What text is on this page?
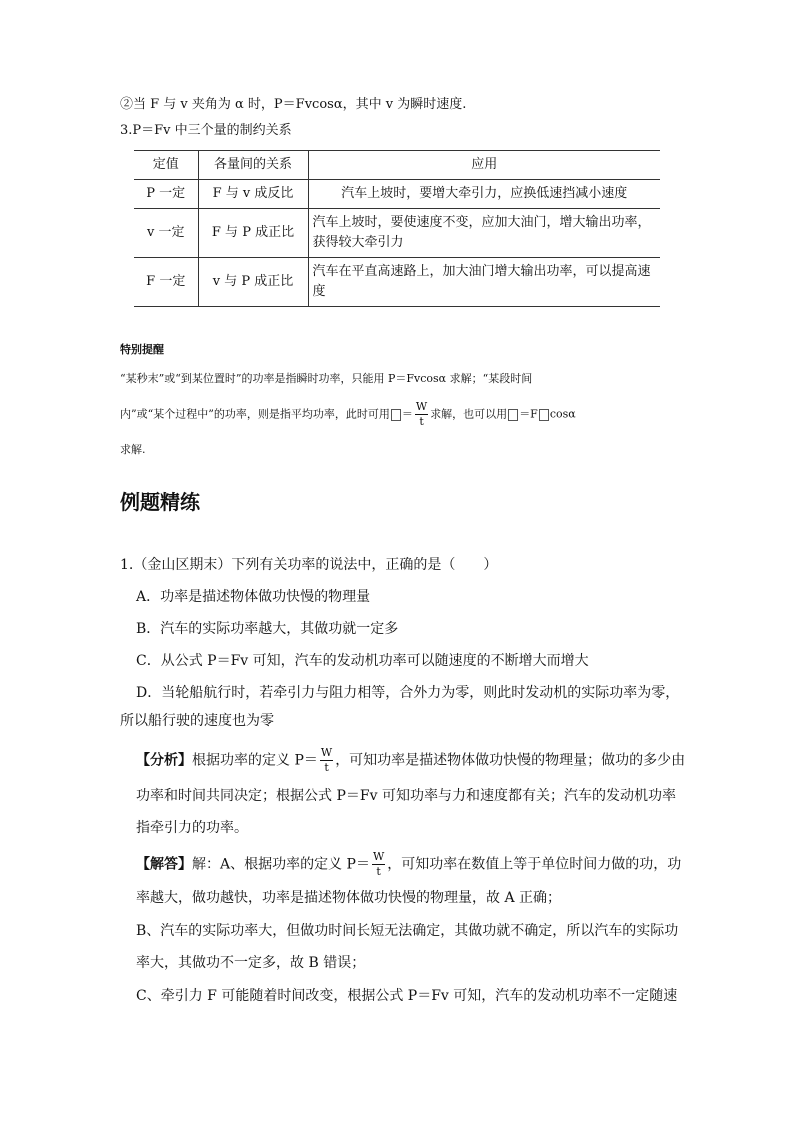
②当 F 与 v 夹角为 α 时，P＝Fvcosα，其中 v 为瞬时速度.
3.P＝Fv 中三个量的制约关系
定值	各量间的关系	应用
P 一定	F 与 v 成反比	汽车上坡时，要增大牵引力，应换低速挡减小速度
v 一定	F 与 P 成正比	汽车上坡时，要使速度不变，应加大油门，增大输出功率，获得较大牵引力
F 一定	v 与 P 成正比	汽车在平直高速路上，加大油门增大输出功率，可以提高速度
特别提醒
“某秒末”或“到某位置时”的功率是指瞬时功率，只能用 P＝Fvcosα 求解；“某段时间
内”或“某个过程中”的功率，则是指平均功率，此时可用 ＝ $\frac{W}{t}$ 求解，也可以用 ＝F cosα
求解.
例题精练
1.（金山区期末）下列有关功率的说法中，正确的是（　　）
A．功率是描述物体做功快慢的物理量
B．汽车的实际功率越大，其做功就一定多
C．从公式 P＝Fv 可知，汽车的发动机功率可以随速度的不断增大而增大
D．当轮船航行时，若牵引力与阻力相等，合外力为零，则此时发动机的实际功率为零，
所以船行驶的速度也为零
【分析】根据功率的定义 $P= \frac{W}{t}$ ，可知功率是描述物体做功快慢的物理量；做功的多少由
功率和时间共同决定；根据公式 P＝Fv 可知功率与力和速度都有关；汽车的发动机功率
指牵引力的功率。
【解答】解：A、根据功率的定义 $P= \frac{W}{t}$ ，可知功率在数值上等于单位时间力做的功，功
率越大，做功越快，功率是描述物体做功快慢的物理量，故 A 正确；
B、汽车的实际功率大，但做功时间长短无法确定，其做功就不确定，所以汽车的实际功
率大，其做功不一定多，故 B 错误；
C、牵引力 F 可能随着时间改变，根据公式 P＝Fv 可知，汽车的发动机功率不一定随速
